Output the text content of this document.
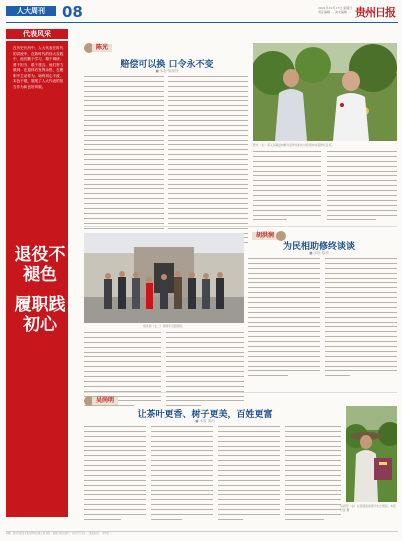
人大周刊	08	2021年10月17日 星期日
责任编辑 … 美术编辑 … 贵州日报
代表风采
在历史长河中，人大代表在时代的洪流中，在新时代的伟大实践中，他们勤于学习、精于调研、勇于担当、敢于建言。他们努力做到：在退休后发挥余热，在履职中主动作为，始终初心不改、本色不褪，展现了人大代表的担当作为和良好风貌。
退役不褪色
履职践初心
陈光
赔偿可以换 口令永不变
■ 本报 陈梓民
陈光（左）深入到基层向群众宣传党的方针政策并收集群众意见。
胡洪润
为民相助修终谈谈
■ 本报 陈鸿
胡洪润（左二）和周年见面现场。
吴尚明
让茶叶更香、树子更美，百姓更富
■ 本报 黄河
吴尚明（右）在茶园查看茶叶生长情况。本报记者 摄
印刷：贵州日报报业集团印务有限公司 地址：贵阳市观山湖区 广告经营许可证 … 邮政编码 … 零售价 …
